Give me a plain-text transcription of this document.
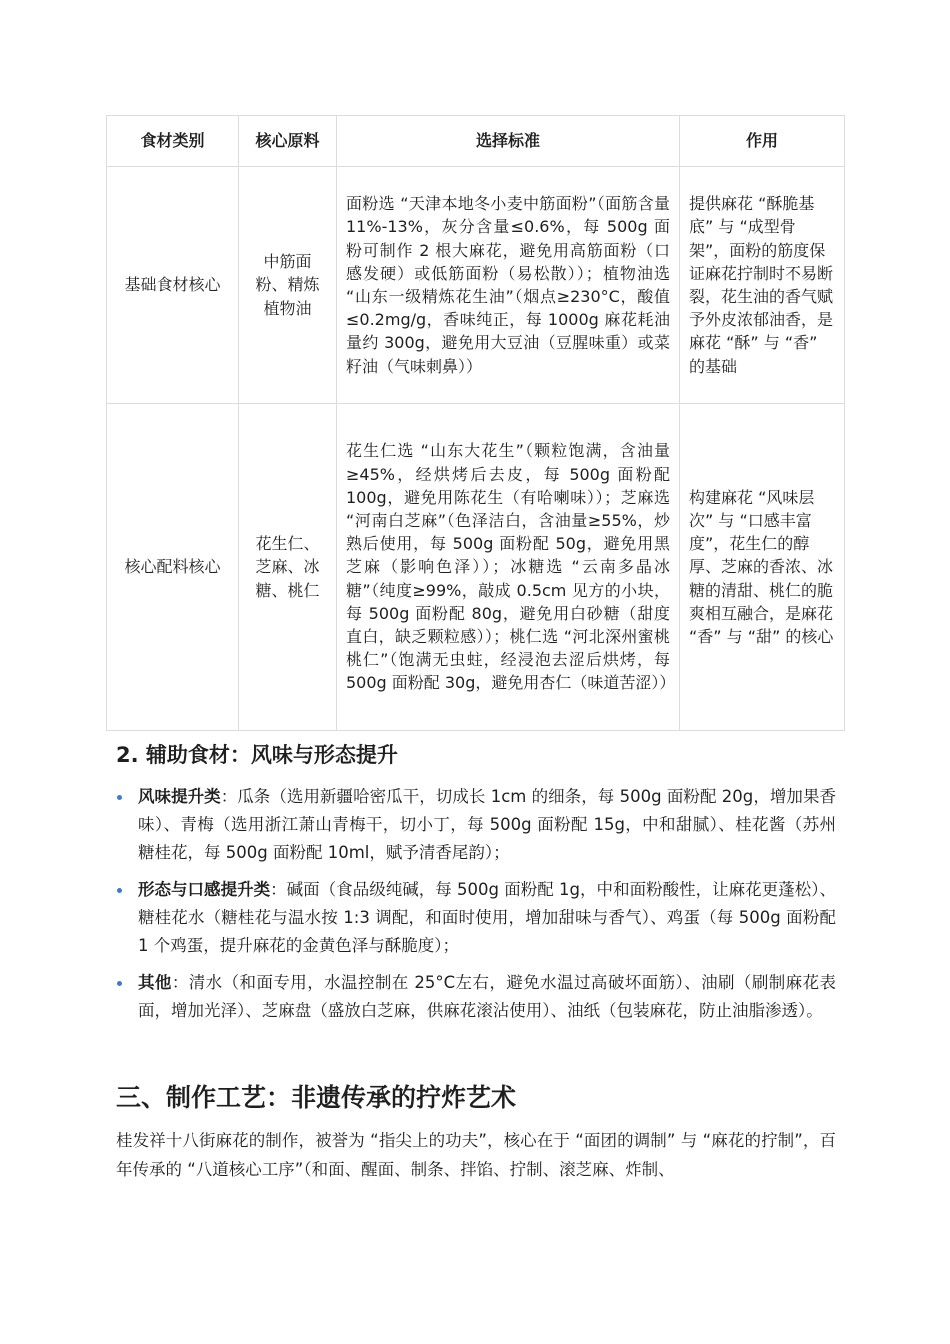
食材类别	核心原料	选择标准	作用
基础食材核心	中筋面粉、精炼植物油	面粉选 “天津本地冬小麦中筋面粉”（面筋含量 11%-13%，灰分含量≤0.6%，每 500g 面粉可制作 2 根大麻花，避免用高筋面粉（口感发硬）或低筋面粉（易松散））；植物油选 “山东一级精炼花生油”（烟点≥230°C，酸值≤0.2mg/g，香味纯正，每 1000g 麻花耗油量约 300g，避免用大豆油（豆腥味重）或菜籽油（气味刺鼻））	提供麻花 “酥脆基底” 与 “成型骨架”，面粉的筋度保证麻花拧制时不易断裂，花生油的香气赋予外皮浓郁油香，是麻花 “酥” 与 “香” 的基础
核心配料核心	花生仁、芝麻、冰糖、桃仁	花生仁选 “山东大花生”（颗粒饱满，含油量≥45%，经烘烤后去皮，每 500g 面粉配 100g，避免用陈花生（有哈喇味））；芝麻选 “河南白芝麻”（色泽洁白，含油量≥55%，炒熟后使用，每 500g 面粉配 50g，避免用黑芝麻（影响色泽））；冰糖选 “云南多晶冰糖”（纯度≥99%，敲成 0.5cm 见方的小块，每 500g 面粉配 80g，避免用白砂糖（甜度直白，缺乏颗粒感））；桃仁选 “河北深州蜜桃桃仁”（饱满无虫蛀，经浸泡去涩后烘烤，每 500g 面粉配 30g，避免用杏仁（味道苦涩））	构建麻花 “风味层次” 与 “口感丰富度”，花生仁的醇厚、芝麻的香浓、冰糖的清甜、桃仁的脆爽相互融合，是麻花 “香” 与 “甜” 的核心
2. 辅助食材：风味与形态提升
风味提升类：瓜条（选用新疆哈密瓜干，切成长 1cm 的细条，每 500g 面粉配 20g，增加果香味）、青梅（选用浙江萧山青梅干，切小丁，每 500g 面粉配 15g，中和甜腻）、桂花酱（苏州糖桂花，每 500g 面粉配 10ml，赋予清香尾韵）；
形态与口感提升类：碱面（食品级纯碱，每 500g 面粉配 1g，中和面粉酸性，让麻花更蓬松）、糖桂花水（糖桂花与温水按 1:3 调配，和面时使用，增加甜味与香气）、鸡蛋（每 500g 面粉配 1 个鸡蛋，提升麻花的金黄色泽与酥脆度）；
其他：清水（和面专用，水温控制在 25°C左右，避免水温过高破坏面筋）、油刷（刷制麻花表面，增加光泽）、芝麻盘（盛放白芝麻，供麻花滚沾使用）、油纸（包装麻花，防止油脂渗透）。
三、制作工艺：非遗传承的拧炸艺术

桂发祥十八街麻花的制作，被誉为 “指尖上的功夫”，核心在于 “面团的调制” 与 “麻花的拧制”，百年传承的 “八道核心工序”（和面、醒面、制条、拌馅、拧制、滚芝麻、炸制、
